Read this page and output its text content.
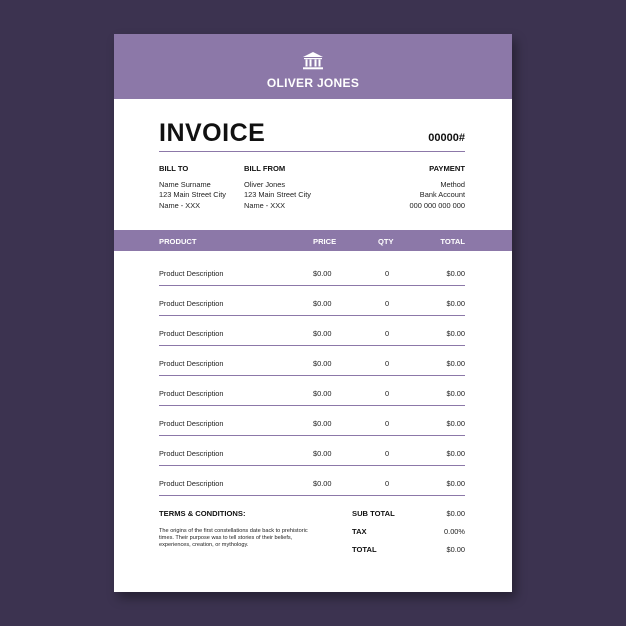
OLIVER JONES
INVOICE	00000#
BILL TO
Name Surname
123 Main Street City
Name - XXX
BILL FROM
Oliver Jones
123 Main Street City
Name - XXX
PAYMENT
Method
Bank Account
000 000 000 000
PRODUCT	PRICE	QTY	TOTAL
Product Description	$0.00	0	$0.00
Product Description	$0.00	0	$0.00
Product Description	$0.00	0	$0.00
Product Description	$0.00	0	$0.00
Product Description	$0.00	0	$0.00
Product Description	$0.00	0	$0.00
Product Description	$0.00	0	$0.00
Product Description	$0.00	0	$0.00
TERMS & CONDITIONS:
The origins of the first constellations date back to prehistoric times. Their purpose was to tell stories of their beliefs, experiences, creation, or mythology.
SUB TOTAL	$0.00
TAX	0.00%
TOTAL	$0.00
